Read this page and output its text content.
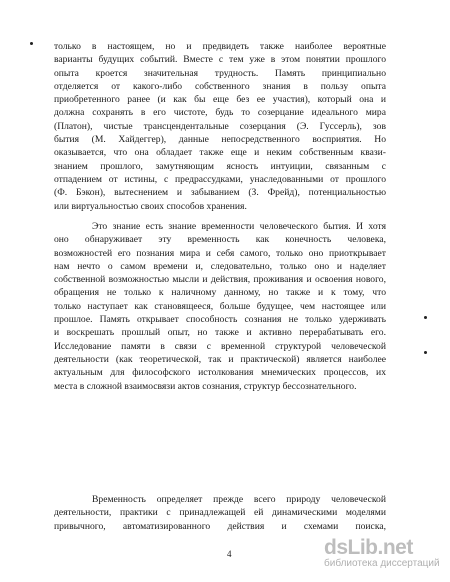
только в настоящем, но и предвидеть также наиболее вероятные
варианты будущих событий. Вместе с тем уже в этом понятии прошлого
опыта кроется значительная трудность. Память принципиально
отделяется от какого-либо собственного знания в пользу опыта
приобретенного ранее (и как бы еще без ее участия), который она и
должна сохранять в его чистоте, будь то созерцание идеального мира
(Платон), чистые трансцендентальные созерцания (Э. Гуссерль), зов
бытия (М. Хайдеггер), данные непосредственного восприятия. Но
оказывается, что она обладает также еще и неким собственным квази-
знанием прошлого, замутняющим ясность интуиции, связанным с
отпадением от истины, с предрассудками, унаследованными от прошлого
(Ф. Бэкон), вытеснением и забыванием (З. Фрейд), потенциальностью
или виртуальностью своих способов хранения.
Это знание есть знание временности человеческого бытия. И хотя
оно обнаруживает эту временность как конечность человека,
возможностей его познания мира и себя самого, только оно приоткрывает
нам нечто о самом времени и, следовательно, только оно и наделяет
собственной возможностью мысли и действия, проживания и освоения нового,
обращения не только к наличному данному, но также и к тому, что
только наступает как становящееся, больше будущее, чем настоящее или
прошлое. Память открывает способность сознания не только удерживать
и воскрешать прошлый опыт, но также и активно перерабатывать его.
Исследование памяти в связи с временной структурой человеческой
деятельности (как теоретической, так и практической) является наиболее
актуальным для философского истолкования мнемических процессов, их
места в сложной взаимосвязи актов сознания, структур бессознательного.
Временность определяет прежде всего природу человеческой
деятельности, практики с принадлежащей ей динамическими моделями
привычного, автоматизированного действия и схемами поиска,
4	dsLib.net
библиотека диссертаций
